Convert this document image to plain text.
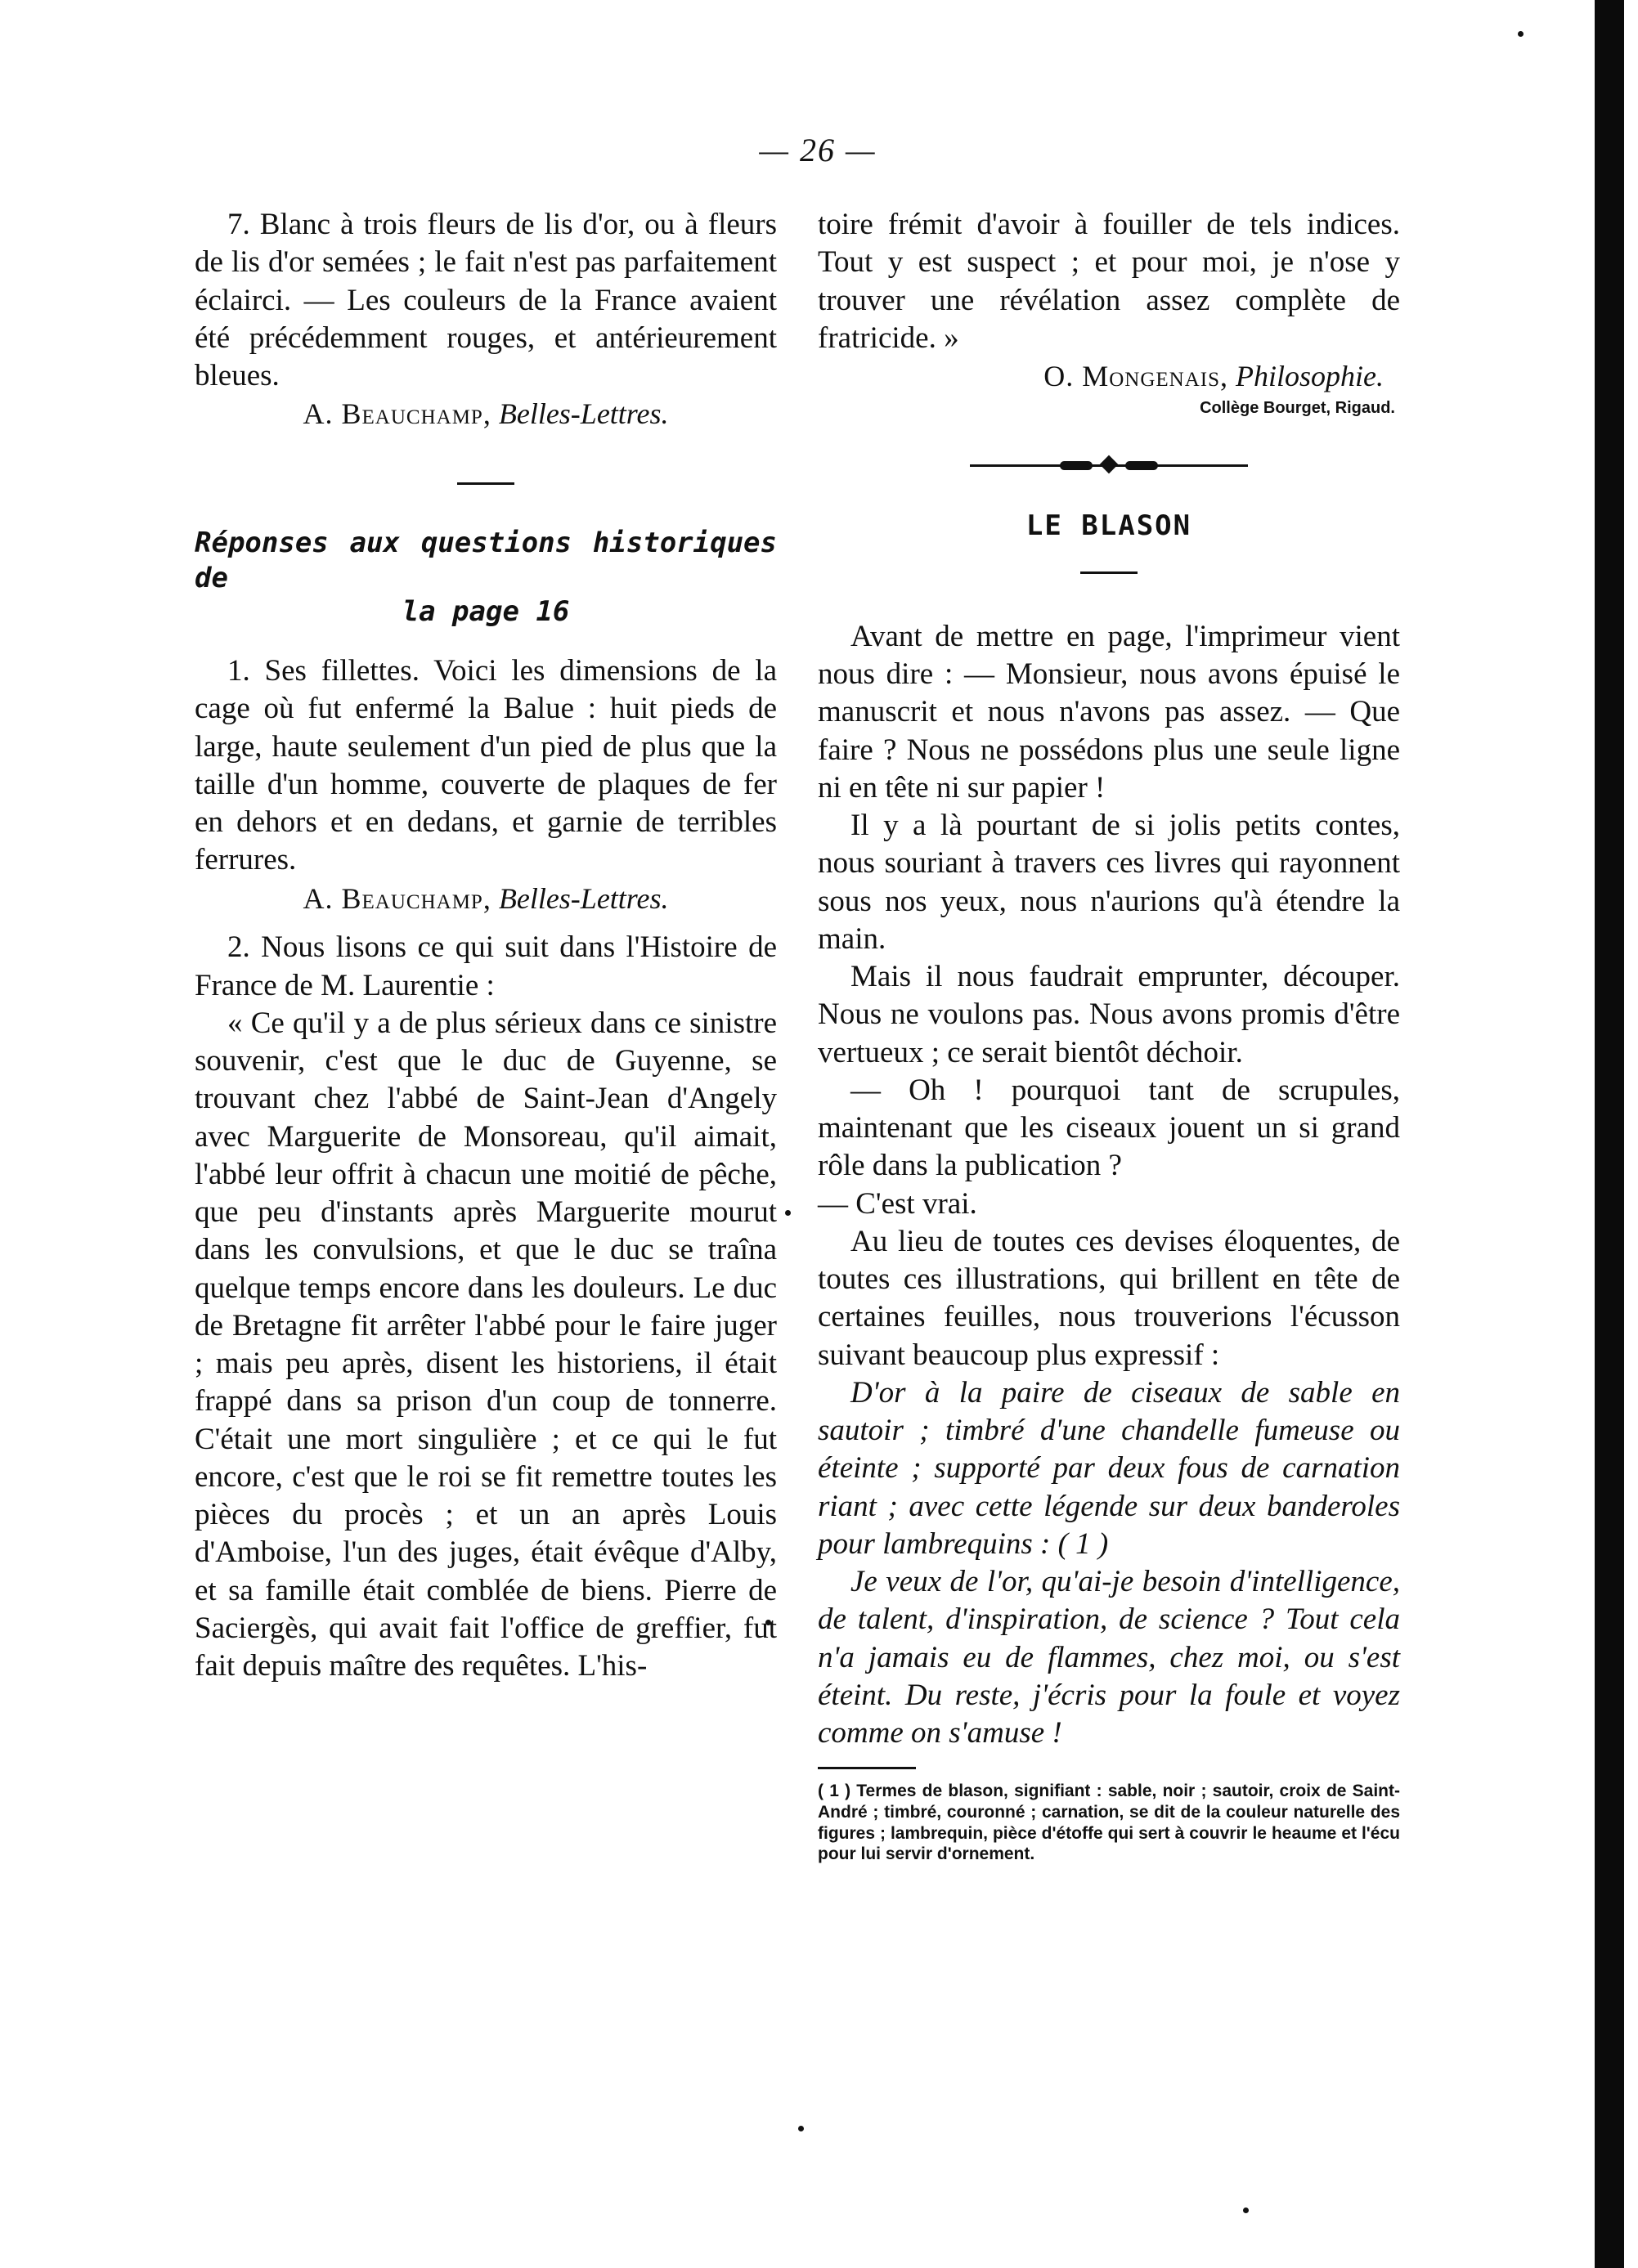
— 26 —

7. Blanc à trois fleurs de lis d'or, ou à fleurs de lis d'or semées ; le fait n'est pas parfaitement éclairci. — Les couleurs de la France avaient été précédemment rouges, et antérieurement bleues.

A. Beauchamp, Belles-Lettres.

Réponses aux questions historiques de

la page 16

1. Ses fillettes. Voici les dimensions de la cage où fut enfermé la Balue : huit pieds de large, haute seulement d'un pied de plus que la taille d'un homme, couverte de plaques de fer en dehors et en dedans, et garnie de terribles ferrures.

A. Beauchamp, Belles-Lettres.

2. Nous lisons ce qui suit dans l'Histoire de France de M. Laurentie :

« Ce qu'il y a de plus sérieux dans ce sinistre souvenir, c'est que le duc de Guyenne, se trouvant chez l'abbé de Saint-Jean d'Angely avec Marguerite de Monsoreau, qu'il aimait, l'abbé leur offrit à chacun une moitié de pêche, que peu d'instants après Marguerite mourut dans les convulsions, et que le duc se traîna quelque temps encore dans les douleurs. Le duc de Bretagne fit arrêter l'abbé pour le faire juger ; mais peu après, disent les historiens, il était frappé dans sa prison d'un coup de tonnerre. C'était une mort singulière ; et ce qui le fut encore, c'est que le roi se fit remettre toutes les pièces du procès ; et un an après Louis d'Amboise, l'un des juges, était évêque d'Alby, et sa famille était comblée de biens. Pierre de Saciergès, qui avait fait l'office de greffier, fut fait depuis maître des requêtes. L'his-

toire frémit d'avoir à fouiller de tels indices. Tout y est suspect ; et pour moi, je n'ose y trouver une révélation assez complète de fratricide. »

O. Mongenais, Philosophie.

Collège Bourget, Rigaud.

LE BLASON

Avant de mettre en page, l'imprimeur vient nous dire : — Monsieur, nous avons épuisé le manuscrit et nous n'avons pas assez. — Que faire ? Nous ne possédons plus une seule ligne ni en tête ni sur papier !

Il y a là pourtant de si jolis petits contes, nous souriant à travers ces livres qui rayonnent sous nos yeux, nous n'aurions qu'à étendre la main.

Mais il nous faudrait emprunter, découper. Nous ne voulons pas. Nous avons promis d'être vertueux ; ce serait bientôt déchoir.

— Oh ! pourquoi tant de scrupules, maintenant que les ciseaux jouent un si grand rôle dans la publication ?

— C'est vrai.

Au lieu de toutes ces devises éloquentes, de toutes ces illustrations, qui brillent en tête de certaines feuilles, nous trouverions l'écusson suivant beaucoup plus expressif :

D'or à la paire de ciseaux de sable en sautoir ; timbré d'une chandelle fumeuse ou éteinte ; supporté par deux fous de carnation riant ; avec cette légende sur deux banderoles pour lambrequins : ( 1 )

Je veux de l'or, qu'ai-je besoin d'intelligence, de talent, d'inspiration, de science ? Tout cela n'a jamais eu de flammes, chez moi, ou s'est éteint. Du reste, j'écris pour la foule et voyez comme on s'amuse !

( 1 ) Termes de blason, signifiant : sable, noir ; sautoir, croix de Saint-André ; timbré, couronné ; carnation, se dit de la couleur naturelle des figures ; lambrequin, pièce d'étoffe qui sert à couvrir le heaume et l'écu pour lui servir d'ornement.
